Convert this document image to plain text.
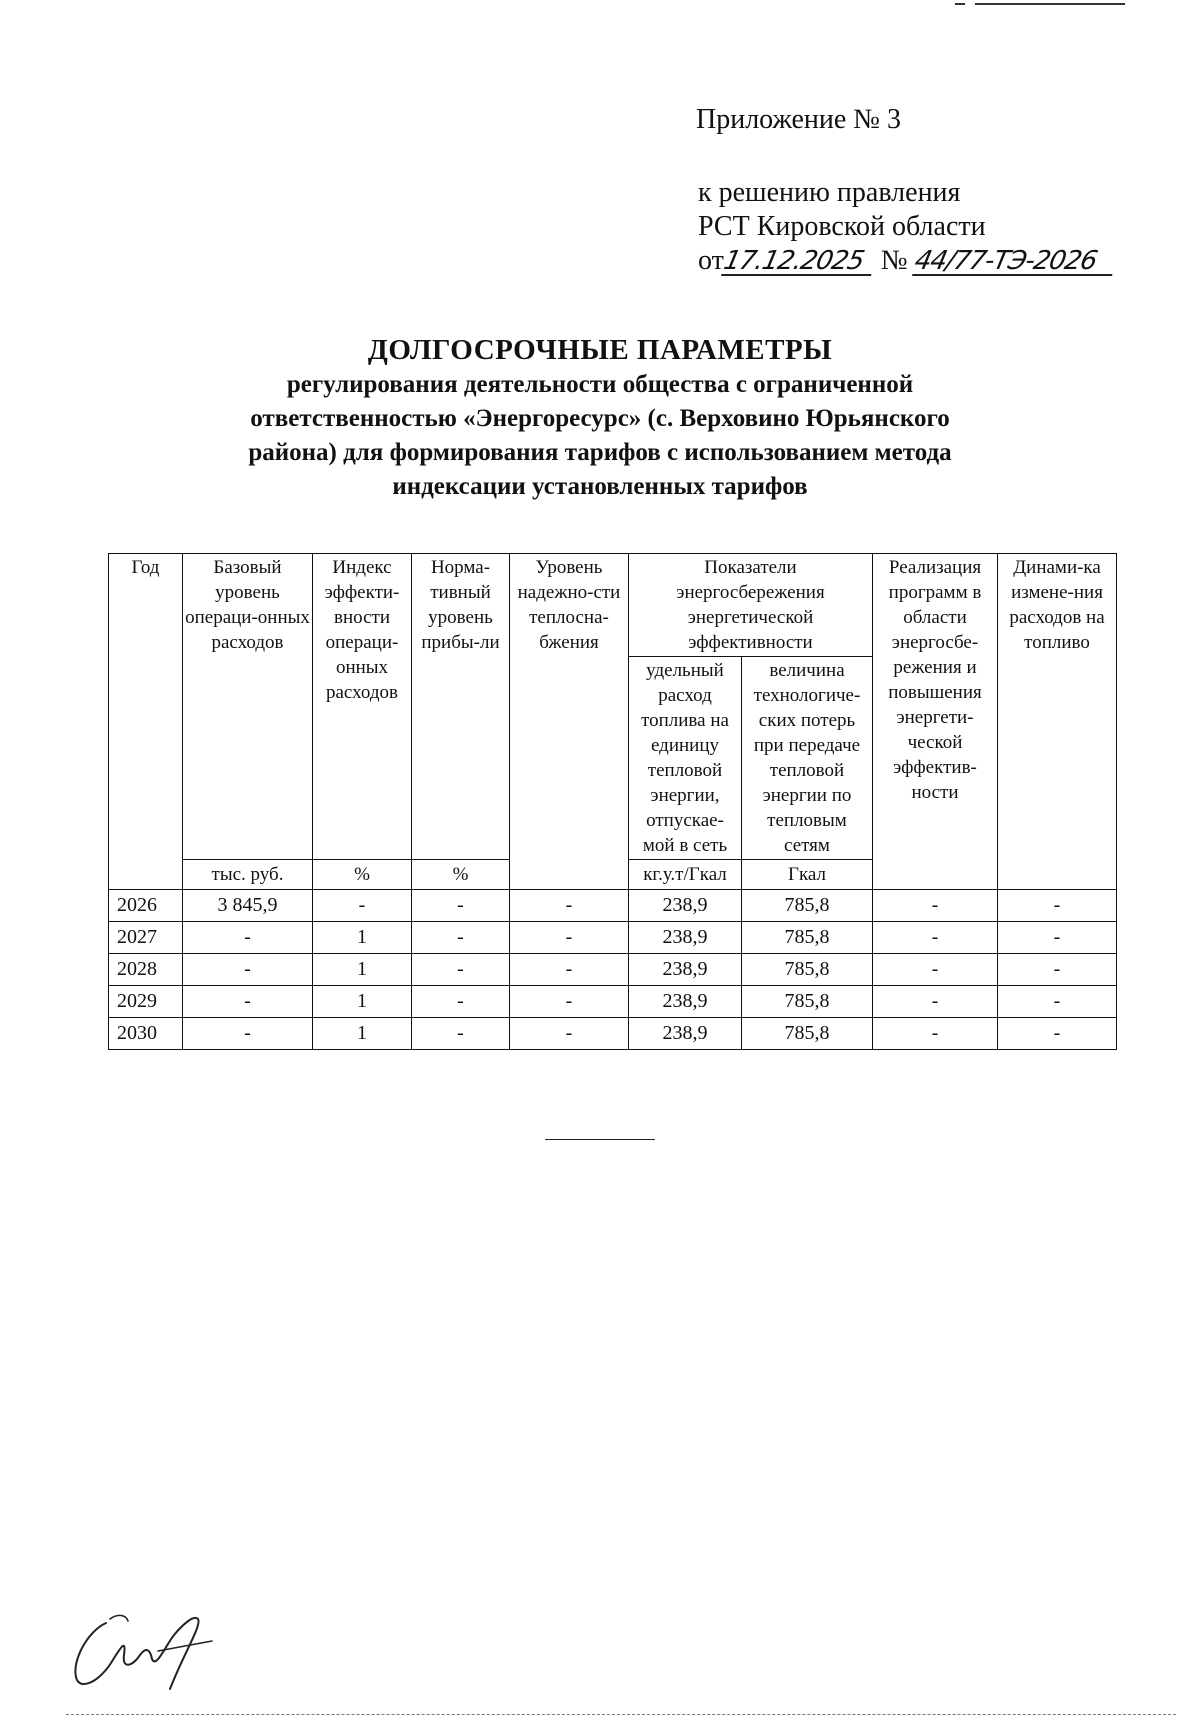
Приложение № 3
к решению правления
РСТ Кировской области
от17.12.2025 № 44/77-ТЭ-2026
ДОЛГОСРОЧНЫЕ ПАРАМЕТРЫ
регулирования деятельности общества с ограниченной
ответственностью «Энергоресурс» (с. Верховино Юрьянского
района) для формирования тарифов с использованием метода
индексации установленных тарифов
Год	Базовый уровень операци-онных расходов	Индекс эффекти-вности операци-онных расходов	Норма-тивный уровень прибы-ли	Уровень надежно-сти теплосна-бжения	Показатели энергосбережения энергетической эффективности		Реализация программ в области энергосбе-режения и повышения энергети-ческой эффектив-ности	Динами-ка измене-ния расходов на топливо
					удельный расход топлива на единицу тепловой энергии, отпускае-мой в сеть	величина технологиче-ских потерь при передаче тепловой энергии по тепловым сетям		
	тыс. руб.	%	%		кг.у.т/Гкал	Гкал		
2026	3 845,9	-	-	-	238,9	785,8	-	-
2027	-	1	-	-	238,9	785,8	-	-
2028	-	1	-	-	238,9	785,8	-	-
2029	-	1	-	-	238,9	785,8	-	-
2030	-	1	-	-	238,9	785,8	-	-
